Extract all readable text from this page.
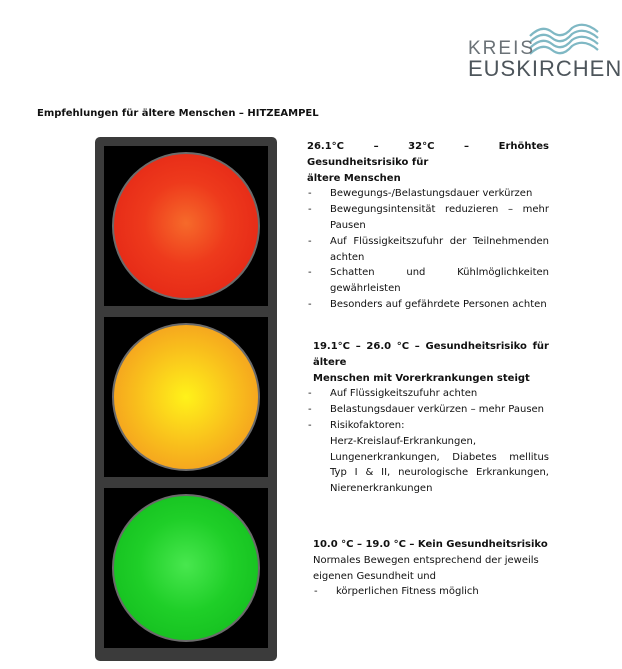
KREIS
EUSKIRCHEN
Empfehlungen für ältere Menschen – HITZEAMPEL

26.1°C – 32°C – Erhöhtes Gesundheitsrisiko für

ältere Menschen

- Bewegungs-/Belastungsdauer verkürzen
- Bewegungsintensität reduzieren – mehr Pausen
- Auf Flüssigkeitszufuhr der Teilnehmenden achten
- Schatten und Kühlmöglichkeiten gewährleisten
- Besonders auf gefährdete Personen achten

19.1°C – 26.0 °C – Gesundheitsrisiko für ältere

Menschen mit Vorerkrankungen steigt

- Auf Flüssigkeitszufuhr achten
- Belastungsdauer verkürzen – mehr Pausen
- Risikofaktoren:

Herz-Kreislauf-Erkrankungen, Lungenerkrankungen, Diabetes mellitus Typ I & II, neurologische Erkrankungen, Nierenerkrankungen

10.0 °C – 19.0 °C – Kein Gesundheitsrisiko

Normales Bewegen entsprechend der jeweils eigenen Gesundheit und

- körperlichen Fitness möglich
